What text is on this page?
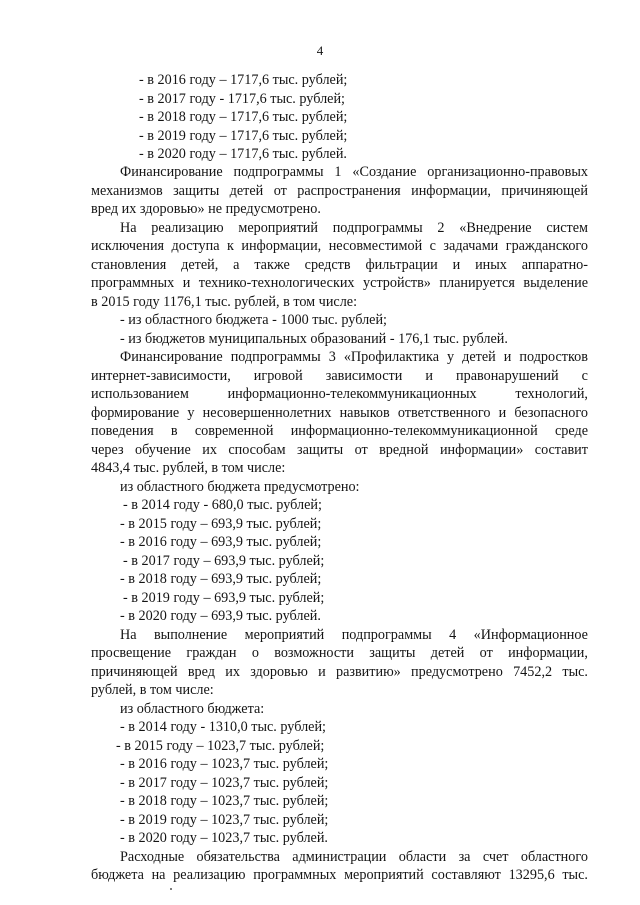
4
- в 2016 году – 1717,6 тыс. рублей;
- в 2017 году - 1717,6 тыс. рублей;
- в 2018 году – 1717,6 тыс. рублей;
- в 2019 году – 1717,6 тыс. рублей;
- в 2020 году – 1717,6 тыс. рублей.
Финансирование подпрограммы 1 «Создание организационно-правовых
механизмов защиты детей от распространения информации, причиняющей
вред их здоровью» не предусмотрено.
На реализацию мероприятий подпрограммы 2 «Внедрение систем
исключения доступа к информации, несовместимой с задачами гражданского
становления детей, а также средств фильтрации и иных аппаратно-
программных и технико-технологических устройств» планируется выделение
в 2015 году 1176,1 тыс. рублей, в том числе:
- из областного бюджета - 1000 тыс. рублей;
- из бюджетов муниципальных образований - 176,1 тыс. рублей.
Финансирование подпрограммы 3 «Профилактика у детей и подростков
интернет-зависимости, игровой зависимости и правонарушений с
использованием	информационно-телекоммуникационных	технологий,
формирование у несовершеннолетних навыков ответственного и безопасного
поведения в современной информационно-телекоммуникационной среде
через обучение их способам защиты от вредной информации» составит
4843,4 тыс. рублей, в том числе:
из областного бюджета предусмотрено:
- в 2014 году - 680,0 тыс. рублей;
- в 2015 году – 693,9 тыс. рублей;
- в 2016 году – 693,9 тыс. рублей;
- в 2017 году – 693,9 тыс. рублей;
- в 2018 году – 693,9 тыс. рублей;
- в 2019 году – 693,9 тыс. рублей;
- в 2020 году – 693,9 тыс. рублей.
На выполнение мероприятий подпрограммы 4 «Информационное
просвещение граждан о возможности защиты детей от информации,
причиняющей вред их здоровью и развитию» предусмотрено 7452,2 тыс.
рублей, в том числе:
из областного бюджета:
- в 2014 году - 1310,0 тыс. рублей;
- в 2015 году – 1023,7 тыс. рублей;
- в 2016 году – 1023,7 тыс. рублей;
- в 2017 году – 1023,7 тыс. рублей;
- в 2018 году – 1023,7 тыс. рублей;
- в 2019 году – 1023,7 тыс. рублей;
- в 2020 году – 1023,7 тыс. рублей.
Расходные обязательства администрации области за счет областного
бюджета на реализацию программных мероприятий составляют 13295,6 тыс.
